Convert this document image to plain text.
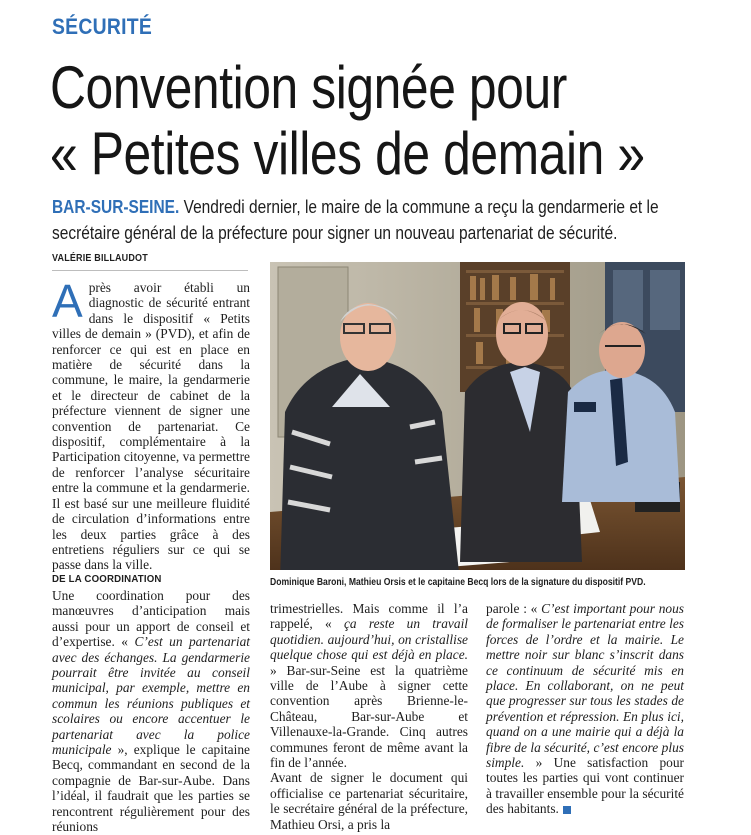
SÉCURITÉ
Convention signée pour
« Petites villes de demain »
BAR-SUR-SEINE. Vendredi dernier, le maire de la commune a reçu la gendarmerie et le secrétaire général de la préfecture pour signer un nouveau partenariat de sécurité.
VALÉRIE BILLAUDOT

Après avoir établi un diagnostic de sécurité entrant dans le dispositif « Petits villes de demain » (PVD), et afin de renforcer ce qui est en place en matière de sécurité dans la commune, le maire, la gendarmerie et le directeur de cabinet de la préfecture viennent de signer une convention de partenariat. Ce dispositif, complémentaire à la Participation citoyenne, va permettre de renforcer l’analyse sécuritaire entre la commune et la gendarmerie. Il est basé sur une meilleure fluidité de circulation d’informations entre les deux parties grâce à des entretiens réguliers sur ce qui se passe dans la ville.

DE LA COORDINATION

Une coordination pour des manœuvres d’anticipation mais aussi pour un apport de conseil et d’expertise. « C’est un partenariat avec des échanges. La gendarmerie pourrait être invitée au conseil municipal, par exemple, mettre en commun les réunions publiques et scolaires ou encore accentuer le partenariat avec la police municipale », explique le capitaine Becq, commandant en second de la compagnie de Bar-sur-Aube. Dans l’idéal, il faudrait que les parties se rencontrent régulièrement pour des réunions

Dominique Baroni, Mathieu Orsis et le capitaine Becq lors de la signature du dispositif PVD.

trimestrielles. Mais comme il l’a rappelé, « ça reste un travail quotidien. aujourd’hui, on cristallise quelque chose qui est déjà en place. » Bar-sur-Seine est la quatrième ville de l’Aube à signer cette convention après Brienne-le-Château, Bar-sur-Aube et Villenauxe-la-Grande. Cinq autres communes feront de même avant la fin de l’année.

Avant de signer le document qui officialise ce partenariat sécuritaire, le secrétaire général de la préfecture, Mathieu Orsi, a pris la

parole : « C’est important pour nous de formaliser le partenariat entre les forces de l’ordre et la mairie. Le mettre noir sur blanc s’inscrit dans ce continuum de sécurité mis en place. En collaborant, on ne peut que progresser sur tous les stades de prévention et répression. En plus ici, quand on a une mairie qui a déjà la fibre de la sécurité, c’est encore plus simple. » Une satisfaction pour toutes les parties qui vont continuer à travailler ensemble pour la sécurité des habitants.
